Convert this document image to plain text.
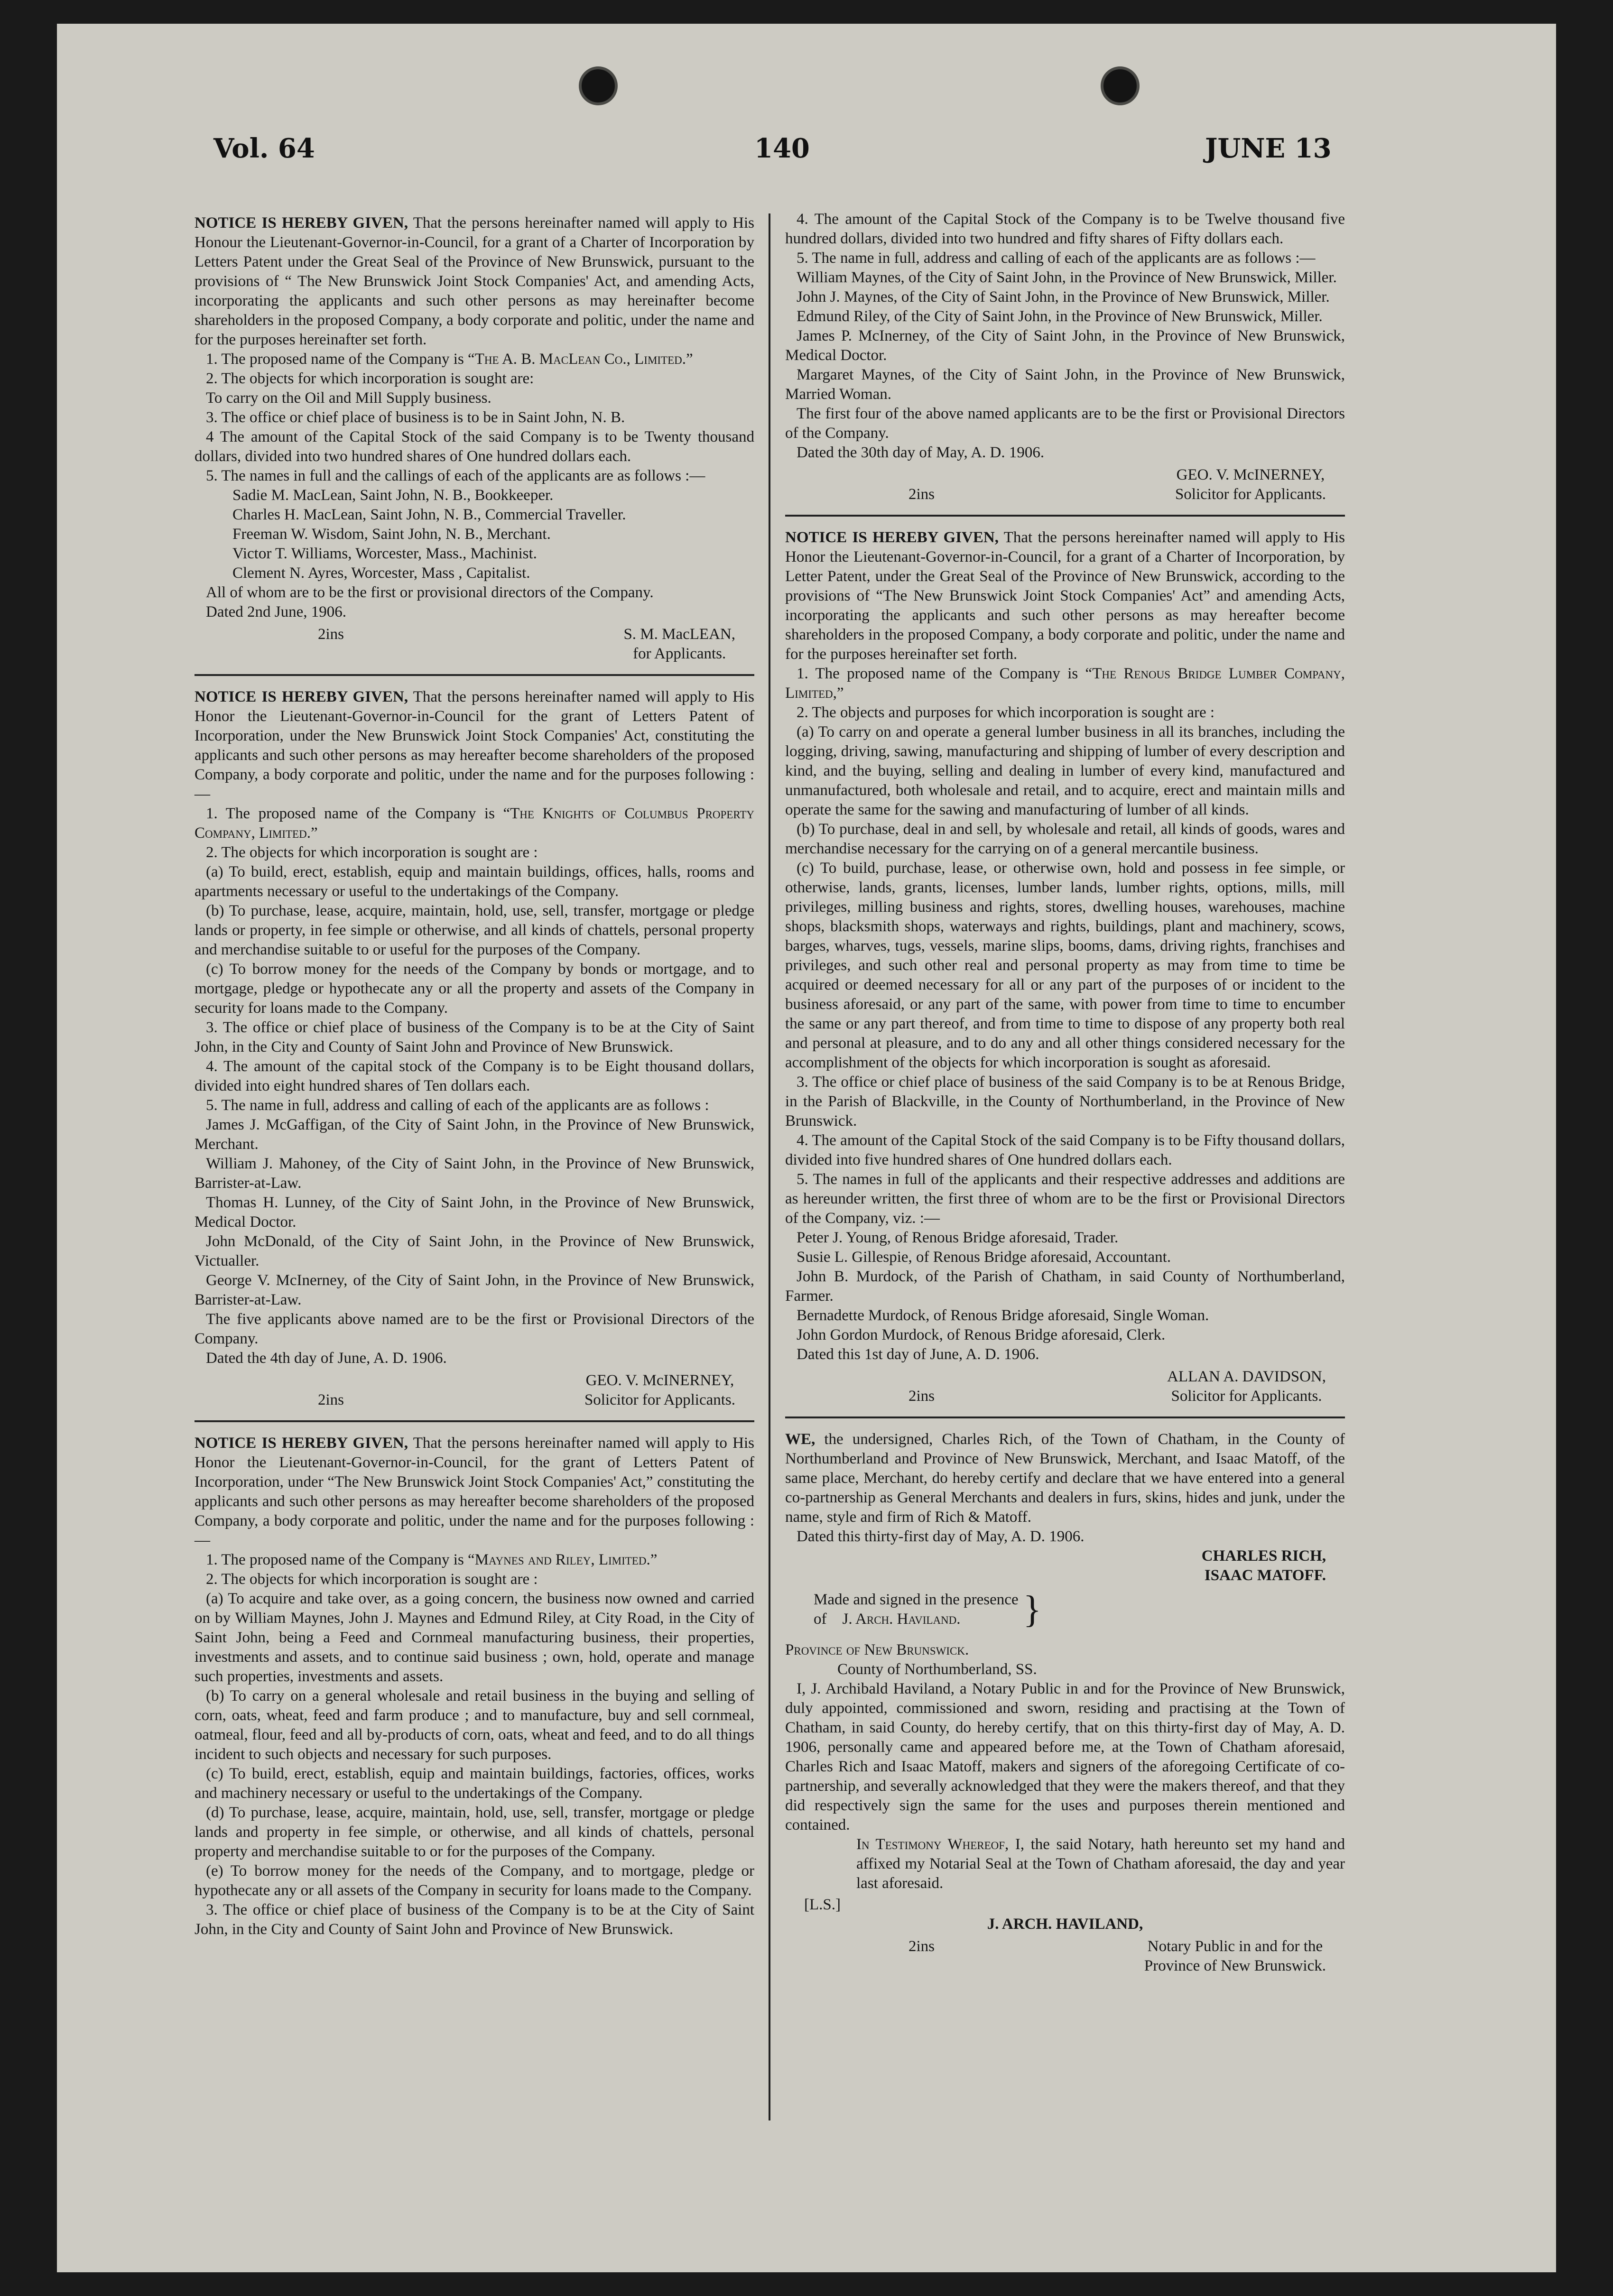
Vol. 64	140	JUNE 13

NOTICE IS HEREBY GIVEN, That the persons hereinafter named will apply to His Honour the Lieutenant-Governor-in-Council, for a grant of a Charter of Incorporation by Letters Patent under the Great Seal of the Province of New Brunswick, pursuant to the provisions of “ The New Brunswick Joint Stock Companies' Act, and amending Acts, incorporating the applicants and such other persons as may hereinafter become shareholders in the proposed Company, a body corporate and politic, under the name and for the purposes hereinafter set forth.

1. The proposed name of the Company is “The A. B. MacLean Co., Limited.”

2. The objects for which incorporation is sought are:

To carry on the Oil and Mill Supply business.

3. The office or chief place of business is to be in Saint John, N. B.

4 The amount of the Capital Stock of the said Company is to be Twenty thousand dollars, divided into two hundred shares of One hundred dollars each.

5. The names in full and the callings of each of the applicants are as follows :—

Sadie M. MacLean, Saint John, N. B., Bookkeeper.

Charles H. MacLean, Saint John, N. B., Commercial Traveller.

Freeman W. Wisdom, Saint John, N. B., Merchant.

Victor T. Williams, Worcester, Mass., Machinist.

Clement N. Ayres, Worcester, Mass , Capitalist.

All of whom are to be the first or provisional directors of the Company.

Dated 2nd June, 1906.

2ins	S. M. MacLEAN,
for Applicants.

NOTICE IS HEREBY GIVEN, That the persons hereinafter named will apply to His Honor the Lieutenant-Governor-in-Council for the grant of Letters Patent of Incorporation, under the New Brunswick Joint Stock Companies' Act, constituting the applicants and such other persons as may hereafter become shareholders of the proposed Company, a body corporate and politic, under the name and for the purposes following :—

1. The proposed name of the Company is “The Knights of Columbus Property Company, Limited.”

2. The objects for which incorporation is sought are :

(a) To build, erect, establish, equip and maintain buildings, offices, halls, rooms and apartments necessary or useful to the undertakings of the Company.

(b) To purchase, lease, acquire, maintain, hold, use, sell, transfer, mortgage or pledge lands or property, in fee simple or otherwise, and all kinds of chattels, personal property and merchandise suitable to or useful for the purposes of the Company.

(c) To borrow money for the needs of the Company by bonds or mortgage, and to mortgage, pledge or hypothecate any or all the property and assets of the Company in security for loans made to the Company.

3. The office or chief place of business of the Company is to be at the City of Saint John, in the City and County of Saint John and Province of New Brunswick.

4. The amount of the capital stock of the Company is to be Eight thousand dollars, divided into eight hundred shares of Ten dollars each.

5. The name in full, address and calling of each of the applicants are as follows :

James J. McGaffigan, of the City of Saint John, in the Province of New Brunswick, Merchant.

William J. Mahoney, of the City of Saint John, in the Province of New Brunswick, Barrister-at-Law.

Thomas H. Lunney, of the City of Saint John, in the Province of New Brunswick, Medical Doctor.

John McDonald, of the City of Saint John, in the Province of New Brunswick, Victualler.

George V. McInerney, of the City of Saint John, in the Province of New Brunswick, Barrister-at-Law.

The five applicants above named are to be the first or Provisional Directors of the Company.

Dated the 4th day of June, A. D. 1906.

2ins
GEO. V. McINERNEY,
Solicitor for Applicants.

NOTICE IS HEREBY GIVEN, That the persons hereinafter named will apply to His Honor the Lieutenant-Governor-in-Council, for the grant of Letters Patent of Incorporation, under “The New Brunswick Joint Stock Companies' Act,” constituting the applicants and such other persons as may hereafter become shareholders of the proposed Company, a body corporate and politic, under the name and for the purposes following :—

1. The proposed name of the Company is “Maynes and Riley, Limited.”

2. The objects for which incorporation is sought are :

(a) To acquire and take over, as a going concern, the business now owned and carried on by William Maynes, John J. Maynes and Edmund Riley, at City Road, in the City of Saint John, being a Feed and Cornmeal manufacturing business, their properties, investments and assets, and to continue said business ; own, hold, operate and manage such properties, investments and assets.

(b) To carry on a general wholesale and retail business in the buying and selling of corn, oats, wheat, feed and farm produce ; and to manufacture, buy and sell cornmeal, oatmeal, flour, feed and all by-products of corn, oats, wheat and feed, and to do all things incident to such objects and necessary for such purposes.

(c) To build, erect, establish, equip and maintain buildings, factories, offices, works and machinery necessary or useful to the undertakings of the Company.

(d) To purchase, lease, acquire, maintain, hold, use, sell, transfer, mortgage or pledge lands and property in fee simple, or otherwise, and all kinds of chattels, personal property and merchandise suitable to or for the purposes of the Company.

(e) To borrow money for the needs of the Company, and to mortgage, pledge or hypothecate any or all assets of the Company in security for loans made to the Company.

3. The office or chief place of business of the Company is to be at the City of Saint John, in the City and County of Saint John and Province of New Brunswick.

4. The amount of the Capital Stock of the Company is to be Twelve thousand five hundred dollars, divided into two hundred and fifty shares of Fifty dollars each.

5. The name in full, address and calling of each of the applicants are as follows :—

William Maynes, of the City of Saint John, in the Province of New Brunswick, Miller.

John J. Maynes, of the City of Saint John, in the Province of New Brunswick, Miller.

Edmund Riley, of the City of Saint John, in the Province of New Brunswick, Miller.

James P. McInerney, of the City of Saint John, in the Province of New Brunswick, Medical Doctor.

Margaret Maynes, of the City of Saint John, in the Province of New Brunswick, Married Woman.

The first four of the above named applicants are to be the first or Provisional Directors of the Company.

Dated the 30th day of May, A. D. 1906.

2ins
GEO. V. McINERNEY,
Solicitor for Applicants.

NOTICE IS HEREBY GIVEN, That the persons hereinafter named will apply to His Honor the Lieutenant-Governor-in-Council, for a grant of a Charter of Incorporation, by Letter Patent, under the Great Seal of the Province of New Brunswick, according to the provisions of “The New Brunswick Joint Stock Companies' Act” and amending Acts, incorporating the applicants and such other persons as may hereafter become shareholders in the proposed Company, a body corporate and politic, under the name and for the purposes hereinafter set forth.

1. The proposed name of the Company is “The Renous Bridge Lumber Company, Limited,”

2. The objects and purposes for which incorporation is sought are :

(a) To carry on and operate a general lumber business in all its branches, including the logging, driving, sawing, manufacturing and shipping of lumber of every description and kind, and the buying, selling and dealing in lumber of every kind, manufactured and unmanufactured, both wholesale and retail, and to acquire, erect and maintain mills and operate the same for the sawing and manufacturing of lumber of all kinds.

(b) To purchase, deal in and sell, by wholesale and retail, all kinds of goods, wares and merchandise necessary for the carrying on of a general mercantile business.

(c) To build, purchase, lease, or otherwise own, hold and possess in fee simple, or otherwise, lands, grants, licenses, lumber lands, lumber rights, options, mills, mill privileges, milling business and rights, stores, dwelling houses, warehouses, machine shops, blacksmith shops, waterways and rights, buildings, plant and machinery, scows, barges, wharves, tugs, vessels, marine slips, booms, dams, driving rights, franchises and privileges, and such other real and personal property as may from time to time be acquired or deemed necessary for all or any part of the purposes of or incident to the business aforesaid, or any part of the same, with power from time to time to encumber the same or any part thereof, and from time to time to dispose of any property both real and personal at pleasure, and to do any and all other things considered necessary for the accomplishment of the objects for which incorporation is sought as aforesaid.

3. The office or chief place of business of the said Company is to be at Renous Bridge, in the Parish of Blackville, in the County of Northumberland, in the Province of New Brunswick.

4. The amount of the Capital Stock of the said Company is to be Fifty thousand dollars, divided into five hundred shares of One hundred dollars each.

5. The names in full of the applicants and their respective addresses and additions are as hereunder written, the first three of whom are to be the first or Provisional Directors of the Company, viz. :—

Peter J. Young, of Renous Bridge aforesaid, Trader.

Susie L. Gillespie, of Renous Bridge aforesaid, Accountant.

John B. Murdock, of the Parish of Chatham, in said County of Northumberland, Farmer.

Bernadette Murdock, of Renous Bridge aforesaid, Single Woman.

John Gordon Murdock, of Renous Bridge aforesaid, Clerk.

Dated this 1st day of June, A. D. 1906.

2ins
ALLAN A. DAVIDSON,
Solicitor for Applicants.

WE, the undersigned, Charles Rich, of the Town of Chatham, in the County of Northumberland and Province of New Brunswick, Merchant, and Isaac Matoff, of the same place, Merchant, do hereby certify and declare that we have entered into a general co-partnership as General Merchants and dealers in furs, skins, hides and junk, under the name, style and firm of Rich & Matoff.

Dated this thirty-first day of May, A. D. 1906.

CHARLES RICH,

ISAAC MATOFF.

Made and signed in the presence
of J. Arch. Haviland.	}

Province of New Brunswick.

County of Northumberland, SS.

I, J. Archibald Haviland, a Notary Public in and for the Province of New Brunswick, duly appointed, commissioned and sworn, residing and practising at the Town of Chatham, in said County, do hereby certify, that on this thirty-first day of May, A. D. 1906, personally came and appeared before me, at the Town of Chatham aforesaid, Charles Rich and Isaac Matoff, makers and signers of the aforegoing Certificate of co-partnership, and severally acknowledged that they were the makers thereof, and that they did respectively sign the same for the uses and purposes therein mentioned and contained.

In Testimony Whereof, I, the said Notary, hath hereunto set my hand and affixed my Notarial Seal at the Town of Chatham aforesaid, the day and year last aforesaid.

[L.S.]

J. ARCH. HAVILAND,

2ins	Notary Public in and for the
Province of New Brunswick.
